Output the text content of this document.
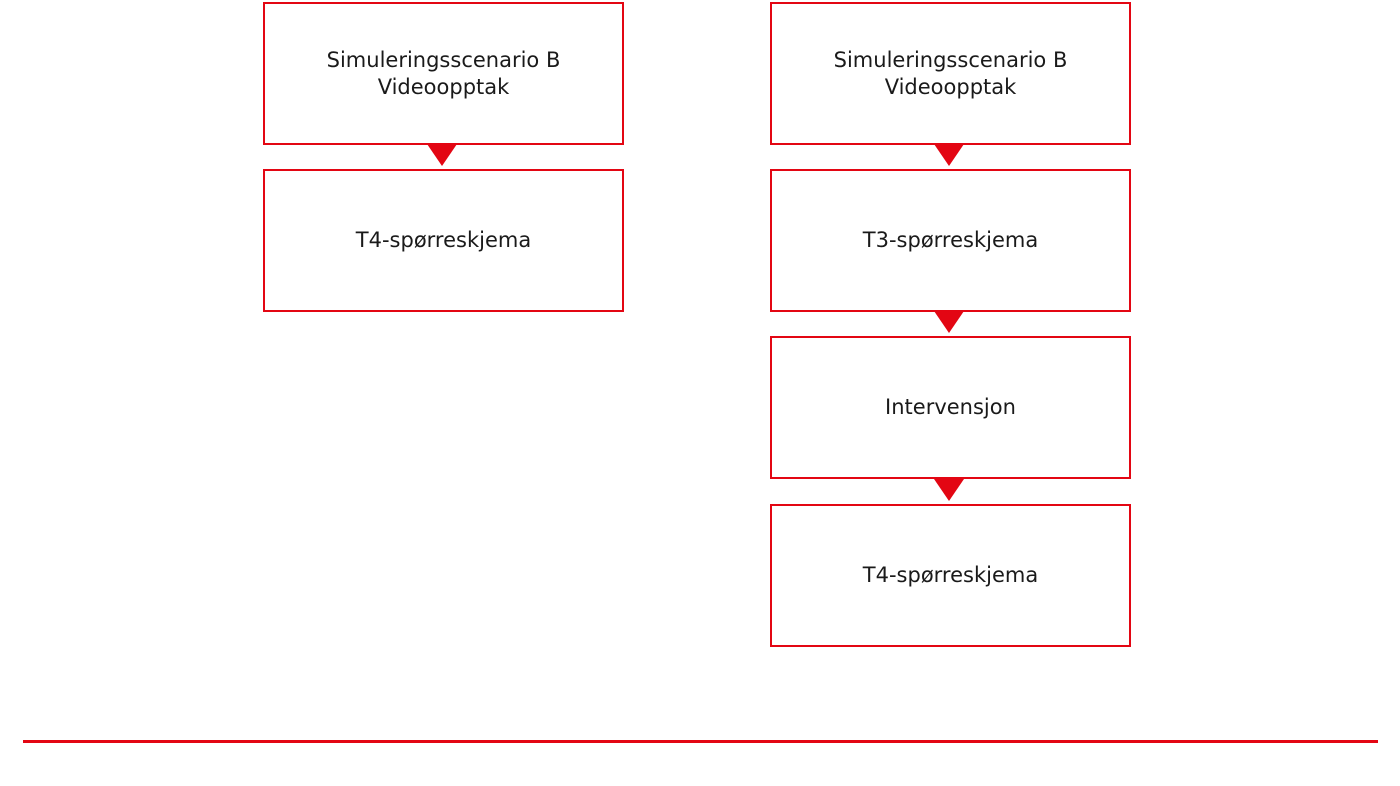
Simuleringsscenario B
Videoopptak
T4-spørreskjema
Simuleringsscenario B
Videoopptak
T3-spørreskjema
Intervensjon
T4-spørreskjema
